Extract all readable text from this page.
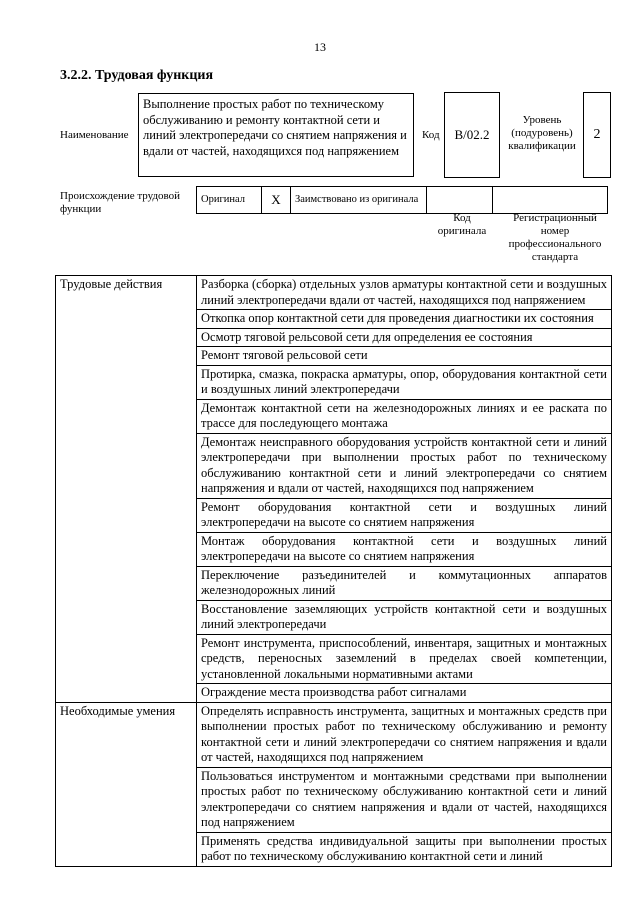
13
3.2.2. Трудовая функция
Наименование
Выполнение простых работ по техническому обслуживанию и ремонту контактной сети и линий электропередачи со снятием напряжения и вдали от частей, находящихся под напряжением
Код	B/02.2
Уровень (подуровень) квалификации
2
Происхождение трудовой функции
Оригинал	X	Заимствовано из оригинала		
Код оригинала
Регистрационный номер профессионального стандарта
Трудовые действия	Разборка (сборка) отдельных узлов арматуры контактной сети и воздушных линий электропередачи вдали от частей, находящихся под напряжением
	Откопка опор контактной сети для проведения диагностики их состояния
	Осмотр тяговой рельсовой сети для определения ее состояния
	Ремонт тяговой рельсовой сети
	Протирка, смазка, покраска арматуры, опор, оборудования контактной сети и воздушных линий электропередачи
	Демонтаж контактной сети на железнодорожных линиях и ее раската по трассе для последующего монтажа
	Демонтаж неисправного оборудования устройств контактной сети и линий электропередачи при выполнении простых работ по техническому обслуживанию контактной сети и линий электропередачи со снятием напряжения и вдали от частей, находящихся под напряжением
	Ремонт оборудования контактной сети и воздушных линий электропередачи на высоте со снятием напряжения
	Монтаж оборудования контактной сети и воздушных линий электропередачи на высоте со снятием напряжения
	Переключение разъединителей и коммутационных аппаратов железнодорожных линий
	Восстановление заземляющих устройств контактной сети и воздушных линий электропередачи
	Ремонт инструмента, приспособлений, инвентаря, защитных и монтажных средств, переносных заземлений в пределах своей компетенции, установленной локальными нормативными актами
	Ограждение места производства работ сигналами
Необходимые умения	Определять исправность инструмента, защитных и монтажных средств при выполнении простых работ по техническому обслуживанию и ремонту контактной сети и линий электропередачи со снятием напряжения и вдали от частей, находящихся под напряжением
	Пользоваться инструментом и монтажными средствами при выполнении простых работ по техническому обслуживанию контактной сети и линий электропередачи со снятием напряжения и вдали от частей, находящихся под напряжением
	Применять средства индивидуальной защиты при выполнении простых работ по техническому обслуживанию контактной сети и линий
